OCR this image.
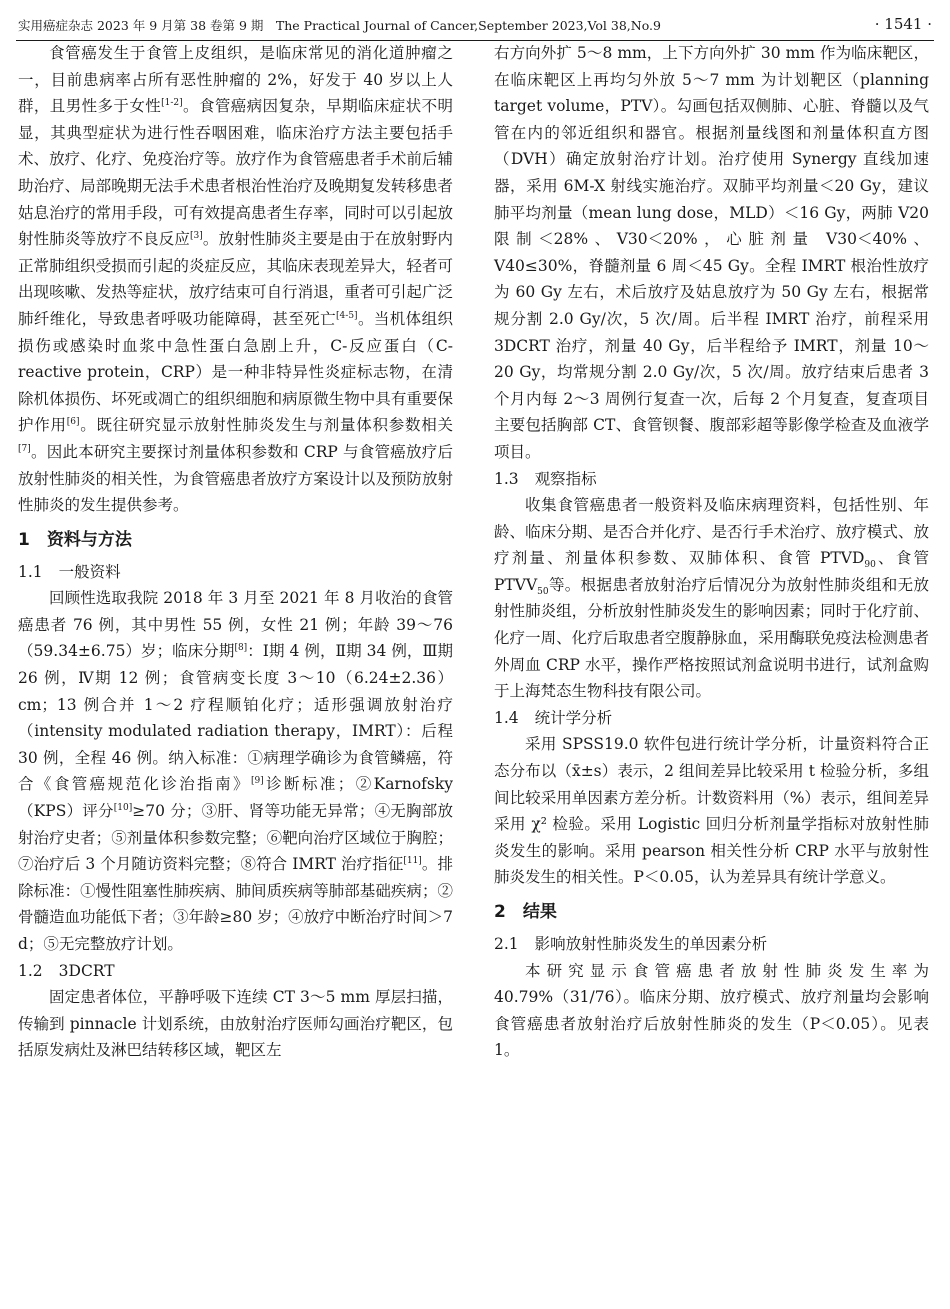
实用癌症杂志 2023 年 9 月第 38 卷第 9 期　The Practical Journal of Cancer,September 2023,Vol 38,No.9	· 1541 ·

食管癌发生于食管上皮组织，是临床常见的消化道肿瘤之一，目前患病率占所有恶性肿瘤的 2%，好发于 40 岁以上人群，且男性多于女性[1-2]。食管癌病因复杂，早期临床症状不明显，其典型症状为进行性吞咽困难，临床治疗方法主要包括手术、放疗、化疗、免疫治疗等。放疗作为食管癌患者手术前后辅助治疗、局部晚期无法手术患者根治性治疗及晚期复发转移患者姑息治疗的常用手段，可有效提高患者生存率，同时可以引起放射性肺炎等放疗不良反应[3]。放射性肺炎主要是由于在放射野内正常肺组织受损而引起的炎症反应，其临床表现差异大，轻者可出现咳嗽、发热等症状，放疗结束可自行消退，重者可引起广泛肺纤维化，导致患者呼吸功能障碍，甚至死亡[4-5]。当机体组织损伤或感染时血浆中急性蛋白急剧上升，C-反应蛋白（C-reactive protein，CRP）是一种非特异性炎症标志物，在清除机体损伤、坏死或凋亡的组织细胞和病原微生物中具有重要保护作用[6]。既往研究显示放射性肺炎发生与剂量体积参数相关[7]。因此本研究主要探讨剂量体积参数和 CRP 与食管癌放疗后放射性肺炎的相关性，为食管癌患者放疗方案设计以及预防放射性肺炎的发生提供参考。

1　资料与方法
1.1 一般资料

回顾性选取我院 2018 年 3 月至 2021 年 8 月收治的食管癌患者 76 例，其中男性 55 例，女性 21 例；年龄 39～76（59.34±6.75）岁；临床分期[8]：Ⅰ期 4 例，Ⅱ期 34 例，Ⅲ期 26 例，Ⅳ期 12 例；食管病变长度 3～10（6.24±2.36）cm；13 例合并 1～2 疗程顺铂化疗；适形强调放射治疗（intensity modulated radiation therapy，IMRT）：后程 30 例，全程 46 例。纳入标准：①病理学确诊为食管鳞癌，符合《食管癌规范化诊治指南》[9]诊断标准；②Karnofsky（KPS）评分[10]≥70 分；③肝、肾等功能无异常；④无胸部放射治疗史者；⑤剂量体积参数完整；⑥靶向治疗区域位于胸腔；⑦治疗后 3 个月随访资料完整；⑧符合 IMRT 治疗指征[11]。排除标准：①慢性阻塞性肺疾病、肺间质疾病等肺部基础疾病；②骨髓造血功能低下者；③年龄≥80 岁；④放疗中断治疗时间＞7 d；⑤无完整放疗计划。

1.2 3DCRT

固定患者体位，平静呼吸下连续 CT 3～5 mm 厚层扫描，传输到 pinnacle 计划系统，由放射治疗医师勾画治疗靶区，包括原发病灶及淋巴结转移区域，靶区左

右方向外扩 5～8 mm，上下方向外扩 30 mm 作为临床靶区，在临床靶区上再均匀外放 5～7 mm 为计划靶区（planning target volume，PTV）。勾画包括双侧肺、心脏、脊髓以及气管在内的邻近组织和器官。根据剂量线图和剂量体积直方图（DVH）确定放射治疗计划。治疗使用 Synergy 直线加速器，采用 6M-X 射线实施治疗。双肺平均剂量＜20 Gy，建议肺平均剂量（mean lung dose，MLD）＜16 Gy，两肺 V20 限制＜28%、V30＜20%，心脏剂量 V30＜40%、V40≤30%，脊髓剂量 6 周＜45 Gy。全程 IMRT 根治性放疗为 60 Gy 左右，术后放疗及姑息放疗为 50 Gy 左右，根据常规分割 2.0 Gy/次，5 次/周。后半程 IMRT 治疗，前程采用 3DCRT 治疗，剂量 40 Gy，后半程给予 IMRT，剂量 10～20 Gy，均常规分割 2.0 Gy/次，5 次/周。放疗结束后患者 3 个月内每 2～3 周例行复查一次，后每 2 个月复查，复查项目主要包括胸部 CT、食管钡餐、腹部彩超等影像学检查及血液学项目。

1.3 观察指标

收集食管癌患者一般资料及临床病理资料，包括性别、年龄、临床分期、是否合并化疗、是否行手术治疗、放疗模式、放疗剂量、剂量体积参数、双肺体积、食管 $PTVD_{90}$、食管 $PTVV_{50}$等。根据患者放射治疗后情况分为放射性肺炎组和无放射性肺炎组，分析放射性肺炎发生的影响因素；同时于化疗前、化疗一周、化疗后取患者空腹静脉血，采用酶联免疫法检测患者外周血 CRP 水平，操作严格按照试剂盒说明书进行，试剂盒购于上海梵态生物科技有限公司。

1.4 统计学分析

采用 SPSS19.0 软件包进行统计学分析，计量资料符合正态分布以（x̄±s）表示，2 组间差异比较采用 t 检验分析，多组间比较采用单因素方差分析。计数资料用（%）表示，组间差异采用 χ² 检验。采用 Logistic 回归分析剂量学指标对放射性肺炎发生的影响。采用 pearson 相关性分析 CRP 水平与放射性肺炎发生的相关性。P＜0.05，认为差异具有统计学意义。

2　结果
2.1 影响放射性肺炎发生的单因素分析

本研究显示食管癌患者放射性肺炎发生率为 40.79%（31/76）。临床分期、放疗模式、放疗剂量均会影响食管癌患者放射治疗后放射性肺炎的发生（P＜0.05）。见表 1。
